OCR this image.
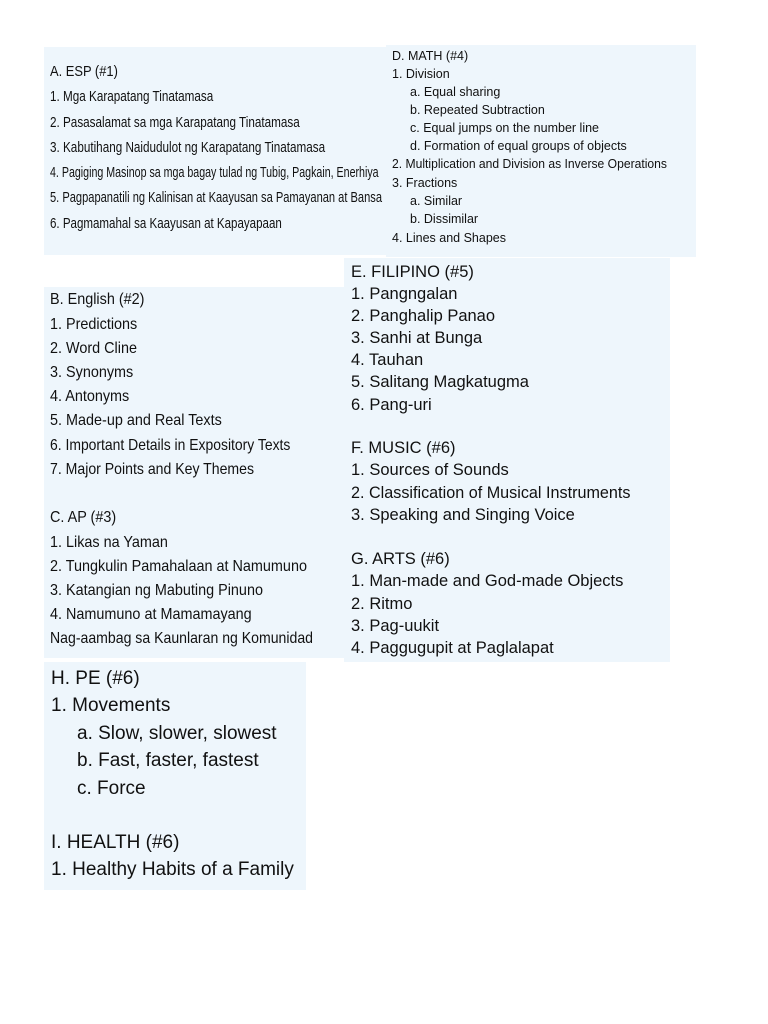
A. ESP (#1)
1. Mga Karapatang Tinatamasa
2. Pasasalamat sa mga Karapatang Tinatamasa
3. Kabutihang Naidudulot ng Karapatang Tinatamasa
4. Pagiging Masinop sa mga bagay tulad ng Tubig, Pagkain, Enerhiya
5. Pagpapanatili ng Kalinisan at Kaayusan sa Pamayanan at Bansa
6. Pagmamahal sa Kaayusan at Kapayapaan
D. MATH (#4)
1. Division
a. Equal sharing
b. Repeated Subtraction
c. Equal jumps on the number line
d. Formation of equal groups of objects
2. Multiplication and Division as Inverse Operations
3. Fractions
a. Similar
b. Dissimilar
4. Lines and Shapes
B. English (#2)
1. Predictions
2. Word Cline
3. Synonyms
4. Antonyms
5. Made-up and Real Texts
6. Important Details in Expository Texts
7. Major Points and Key Themes
C. AP (#3)
1. Likas na Yaman
2. Tungkulin Pamahalaan at Namumuno
3. Katangian ng Mabuting Pinuno
4. Namumuno at Mamamayang
Nag-aambag sa Kaunlaran ng Komunidad
E. FILIPINO (#5)
1. Pangngalan
2. Panghalip Panao
3. Sanhi at Bunga
4. Tauhan
5. Salitang Magkatugma
6. Pang-uri
F. MUSIC (#6)
1. Sources of Sounds
2. Classification of Musical Instruments
3. Speaking and Singing Voice
G. ARTS (#6)
1. Man-made and God-made Objects
2. Ritmo
3. Pag-uukit
4. Paggugupit at Paglalapat
H. PE (#6)
1. Movements
a. Slow, slower, slowest
b. Fast, faster, fastest
c. Force
I. HEALTH (#6)
1. Healthy Habits of a Family
